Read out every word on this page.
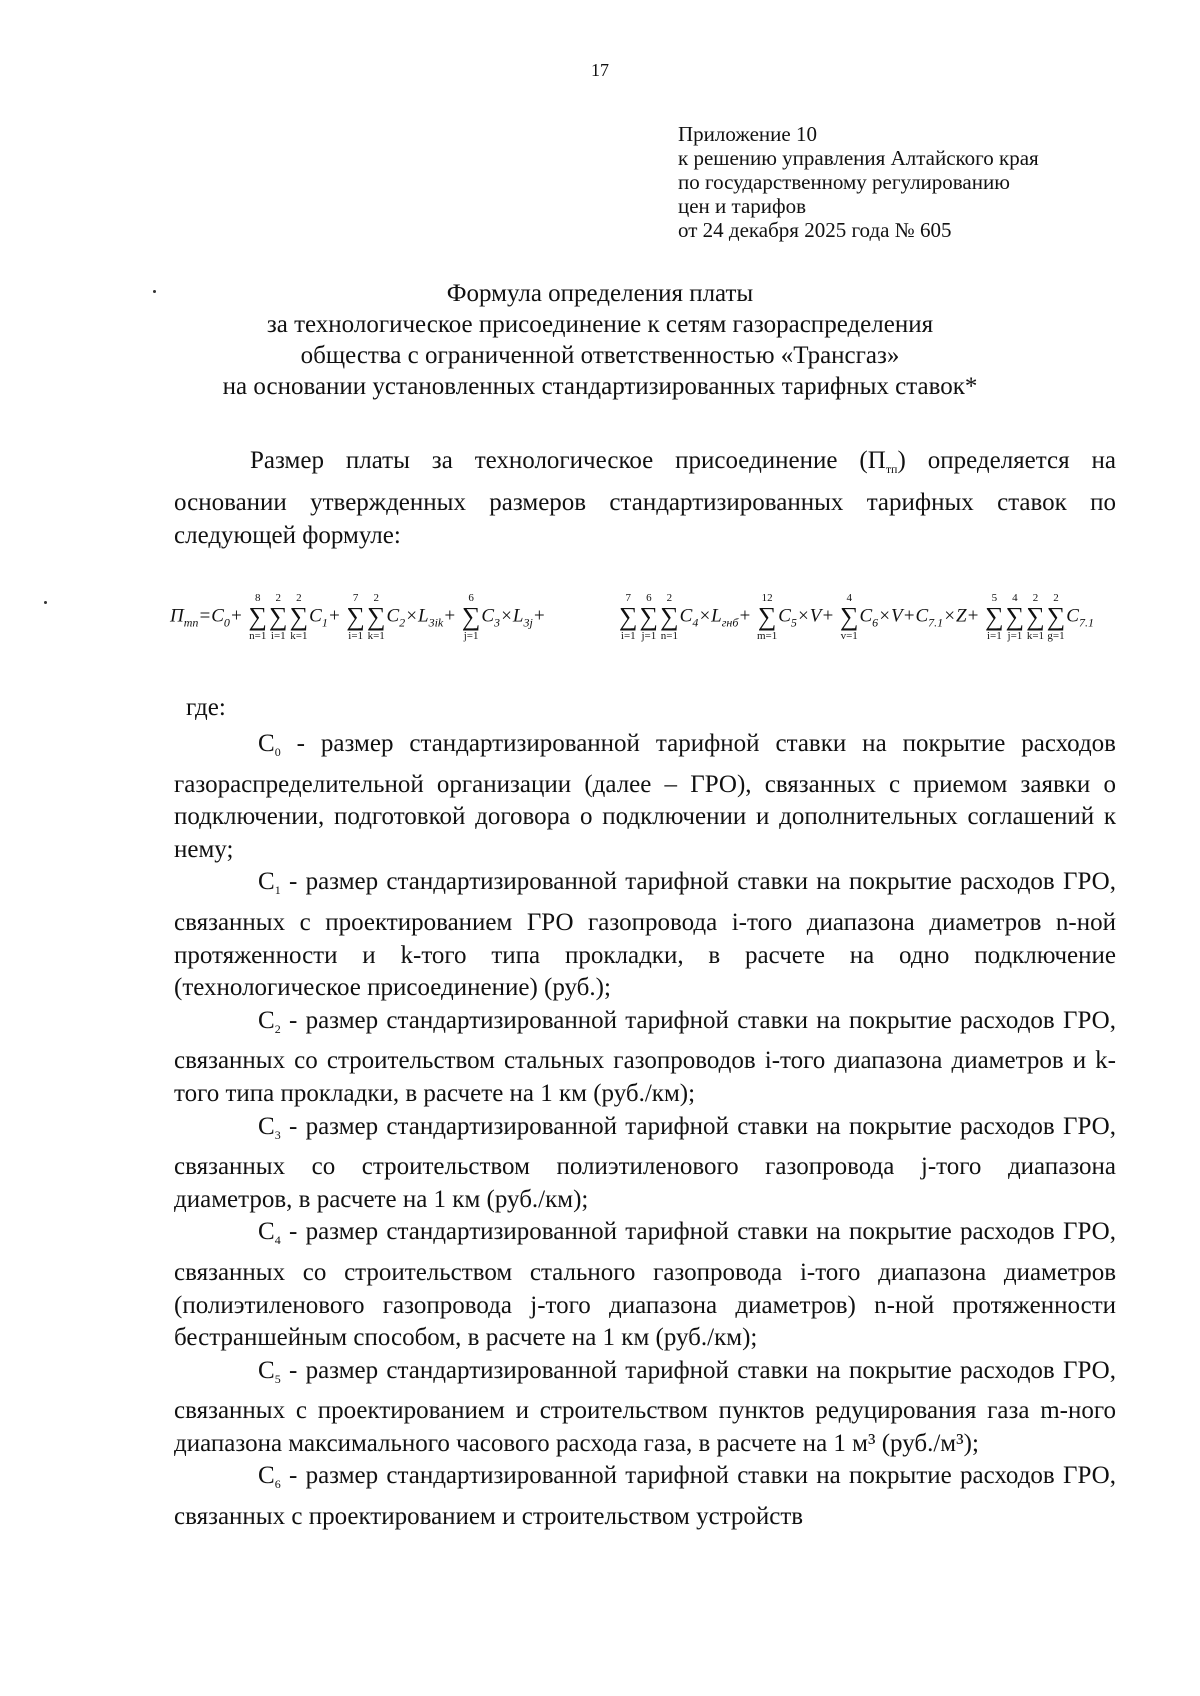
17
Приложение 10
к решению управления Алтайского края
по государственному регулированию
цен и тарифов
от 24 декабря 2025 года № 605
Формула определения платы
за технологическое присоединение к сетям газораспределения
общества с ограниченной ответственностью «Трансгаз»
на основании установленных стандартизированных тарифных ставок*
Размер платы за технологическое присоединение $(П_{тп})$ определяется на основании утвержденных размеров стандартизированных тарифных ставок по следующей формуле:
$П_{тп}=C_0+$
8
∑
n=1
2
∑
i=1
2
∑
k=1
$C_1+$
7
∑
i=1
2
∑
k=1
$C_2\times L_{3ik}+$
6
∑
j=1
$C_3\times L_{3j}+$
7
∑
i=1
6
∑
j=1
2
∑
n=1
$C_4\times L_{гнб}+$
12
∑
m=1
$C_5\times V+$
4
∑
v=1
$C_6\times V+C_{7.1}\times Z+$
5
∑
i=1
4
∑
j=1
2
∑
k=1
2
∑
g=1
$C_{7.1}$
где:

$C_0$ - размер стандартизированной тарифной ставки на покрытие расходов газораспределительной организации (далее – ГРО), связанных с приемом заявки о подключении, подготовкой договора о подключении и дополнительных соглашений к нему;

$C_1$ - размер стандартизированной тарифной ставки на покрытие расходов ГРО, связанных с проектированием ГРО газопровода i-того диапазона диаметров n-ной протяженности и k-того типа прокладки, в расчете на одно подключение (технологическое присоединение) (руб.);

$C_2$ - размер стандартизированной тарифной ставки на покрытие расходов ГРО, связанных со строительством стальных газопроводов i-того диапазона диаметров и k-того типа прокладки, в расчете на 1 км (руб./км);

$C_3$ - размер стандартизированной тарифной ставки на покрытие расходов ГРО, связанных со строительством полиэтиленового газопровода j-того диапазона диаметров, в расчете на 1 км (руб./км);

$C_4$ - размер стандартизированной тарифной ставки на покрытие расходов ГРО, связанных со строительством стального газопровода i-того диапазона диаметров (полиэтиленового газопровода j-того диапазона диаметров) n-ной протяженности бестраншейным способом, в расчете на 1 км (руб./км);

$C_5$ - размер стандартизированной тарифной ставки на покрытие расходов ГРО, связанных с проектированием и строительством пунктов редуцирования газа m-ного диапазона максимального часового расхода газа, в расчете на 1 м³ (руб./м³);

$C_6$ - размер стандартизированной тарифной ставки на покрытие расходов ГРО, связанных с проектированием и строительством устройств
